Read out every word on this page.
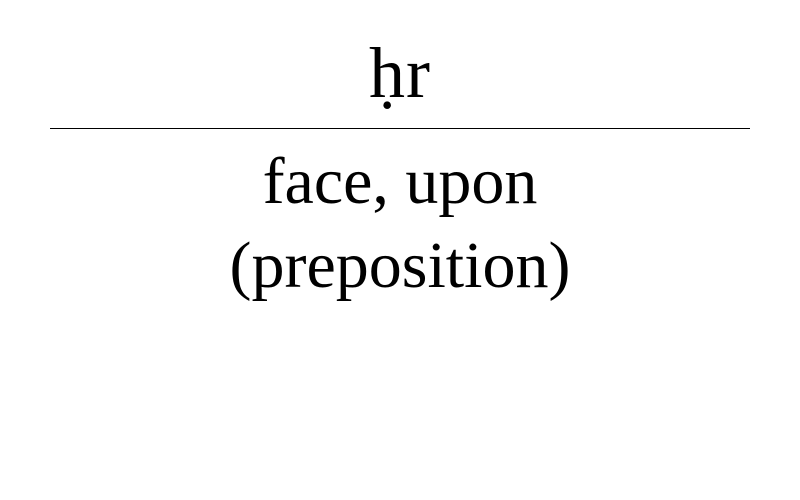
ḥr
face, upon
(preposition)
